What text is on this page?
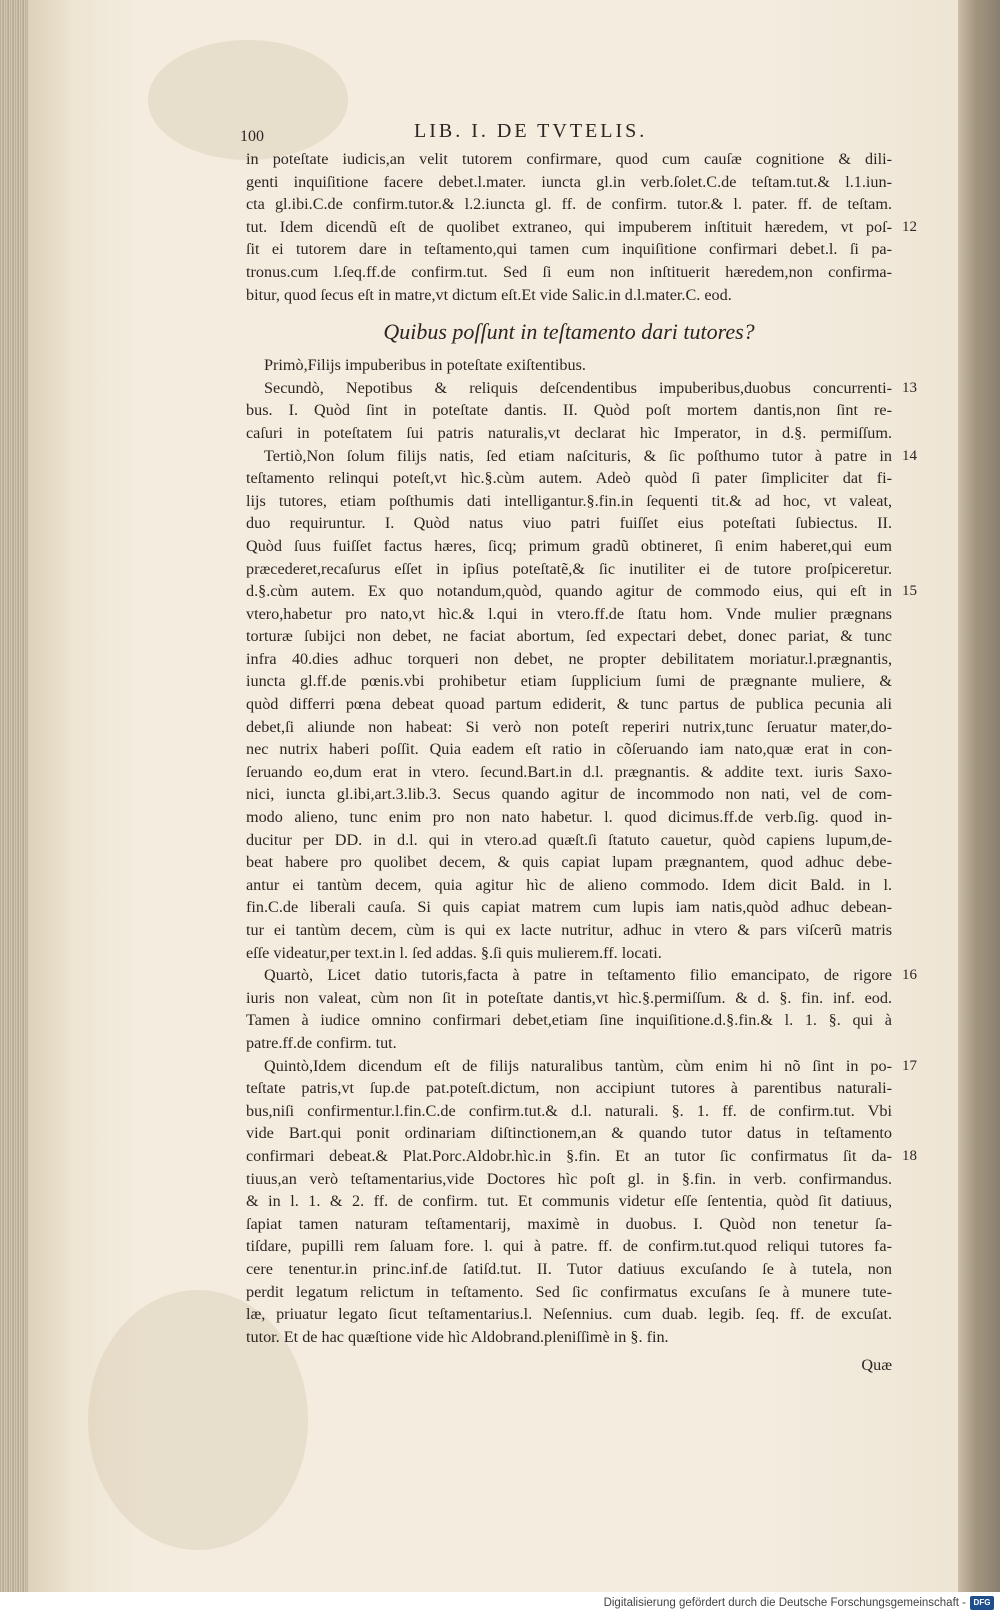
100	LIB. I. DE TVTELIS.
in poteſtate iudicis,an velit tutorem confirmare, quod cum cauſæ cognitione & dili-
genti inquiſitione facere debet.l.mater. iuncta gl.in verb.ſolet.C.de teſtam.tut.& l.1.iun-
cta gl.ibi.C.de confirm.tutor.& l.2.iuncta gl. ff. de confirm. tutor.& l. pater. ff. de teſtam.
tut. Idem dicendũ eſt de quolibet extraneo, qui impuberem inſtituit hæredem, vt poſ- 12
ſit ei tutorem dare in teſtamento,qui tamen cum inquiſitione confirmari debet.l. ſi pa-
tronus.cum l.ſeq.ff.de confirm.tut. Sed ſi eum non inſtituerit hæredem,non confirma-
bitur, quod ſecus eſt in matre,vt dictum eſt.Et vide Salic.in d.l.mater.C. eod.
Quibus poſſunt in teſtamento dari tutores?
Primò,Filijs impuberibus in poteſtate exiſtentibus.
Secundò, Nepotibus & reliquis deſcendentibus impuberibus,duobus concurrenti- 13
bus. I. Quòd ſint in poteſtate dantis. II. Quòd poſt mortem dantis,non ſint re-
caſuri in poteſtatem ſui patris naturalis,vt declarat hìc Imperator, in d.§. permiſſum.
Tertiò,Non ſolum filijs natis, ſed etiam naſcituris, & ſic poſthumo tutor à patre in 14
teſtamento relinqui poteſt,vt hìc.§.cùm autem. Adeò quòd ſi pater ſimpliciter dat fi-
lijs tutores, etiam poſthumis dati intelligantur.§.fin.in ſequenti tit.& ad hoc, vt valeat,
duo requiruntur. I. Quòd natus viuo patri fuiſſet eius poteſtati ſubiectus. II.
Quòd ſuus fuiſſet factus hæres, ſicq; primum gradũ obtineret, ſi enim haberet,qui eum
præcederet,recaſurus eſſet in ipſius poteſtatẽ,& ſic inutiliter ei de tutore proſpiceretur.
d.§.cùm autem. Ex quo notandum,quòd, quando agitur de commodo eius, qui eſt in 15
vtero,habetur pro nato,vt hìc.& l.qui in vtero.ff.de ſtatu hom. Vnde mulier prægnans
torturæ ſubijci non debet, ne faciat abortum, ſed expectari debet, donec pariat, & tunc
infra 40.dies adhuc torqueri non debet, ne propter debilitatem moriatur.l.prægnantis,
iuncta gl.ff.de pœnis.vbi prohibetur etiam ſupplicium ſumi de prægnante muliere, &
quòd differri pœna debeat quoad partum ediderit, & tunc partus de publica pecunia ali
debet,ſi aliunde non habeat: Si verò non poteſt reperiri nutrix,tunc ſeruatur mater,do-
nec nutrix haberi poſſit. Quia eadem eſt ratio in cõſeruando iam nato,quæ erat in con-
ſeruando eo,dum erat in vtero. ſecund.Bart.in d.l. prægnantis. & addite text. iuris Saxo-
nici, iuncta gl.ibi,art.3.lib.3. Secus quando agitur de incommodo non nati, vel de com-
modo alieno, tunc enim pro non nato habetur. l. quod dicimus.ff.de verb.ſig. quod in-
ducitur per DD. in d.l. qui in vtero.ad quæſt.ſi ſtatuto cauetur, quòd capiens lupum,de-
beat habere pro quolibet decem, & quis capiat lupam prægnantem, quod adhuc debe-
antur ei tantùm decem, quia agitur hìc de alieno commodo. Idem dicit Bald. in l.
fin.C.de liberali cauſa. Si quis capiat matrem cum lupis iam natis,quòd adhuc debean-
tur ei tantùm decem, cùm is qui ex lacte nutritur, adhuc in vtero & pars viſcerũ matris
eſſe videatur,per text.in l. ſed addas. §.ſi quis mulierem.ff. locati.
Quartò, Licet datio tutoris,facta à patre in teſtamento filio emancipato, de rigore 16
iuris non valeat, cùm non ſit in poteſtate dantis,vt hìc.§.permiſſum. & d. §. fin. inf. eod.
Tamen à iudice omnino confirmari debet,etiam ſine inquiſitione.d.§.fin.& l. 1. §. qui à
patre.ff.de confirm. tut.
Quintò,Idem dicendum eſt de filijs naturalibus tantùm, cùm enim hi nõ ſint in po- 17
teſtate patris,vt ſup.de pat.poteſt.dictum, non accipiunt tutores à parentibus naturali-
bus,niſi confirmentur.l.fin.C.de confirm.tut.& d.l. naturali. §. 1. ff. de confirm.tut. Vbi
vide Bart.qui ponit ordinariam diſtinctionem,an & quando tutor datus in teſtamento
confirmari debeat.& Plat.Porc.Aldobr.hìc.in §.fin. Et an tutor ſic confirmatus ſit da- 18
tiuus,an verò teſtamentarius,vide Doctores hìc poſt gl. in §.fin. in verb. confirmandus.
& in l. 1. & 2. ff. de confirm. tut. Et communis videtur eſſe ſententia, quòd ſit datiuus,
ſapiat tamen naturam teſtamentarij, maximè in duobus. I. Quòd non tenetur ſa-
tiſdare, pupilli rem ſaluam fore. l. qui à patre. ff. de confirm.tut.quod reliqui tutores fa-
cere tenentur.in princ.inf.de ſatiſd.tut. II. Tutor datiuus excuſando ſe à tutela, non
perdit legatum relictum in teſtamento. Sed ſic confirmatus excuſans ſe à munere tute-
læ, priuatur legato ſicut teſtamentarius.l. Neſennius. cum duab. legib. ſeq. ff. de excuſat.
tutor. Et de hac quæſtione vide hìc Aldobrand.pleniſſimè in §. fin.
Quæ
Digitalisierung gefördert durch die Deutsche Forschungsgemeinschaft - DFG
